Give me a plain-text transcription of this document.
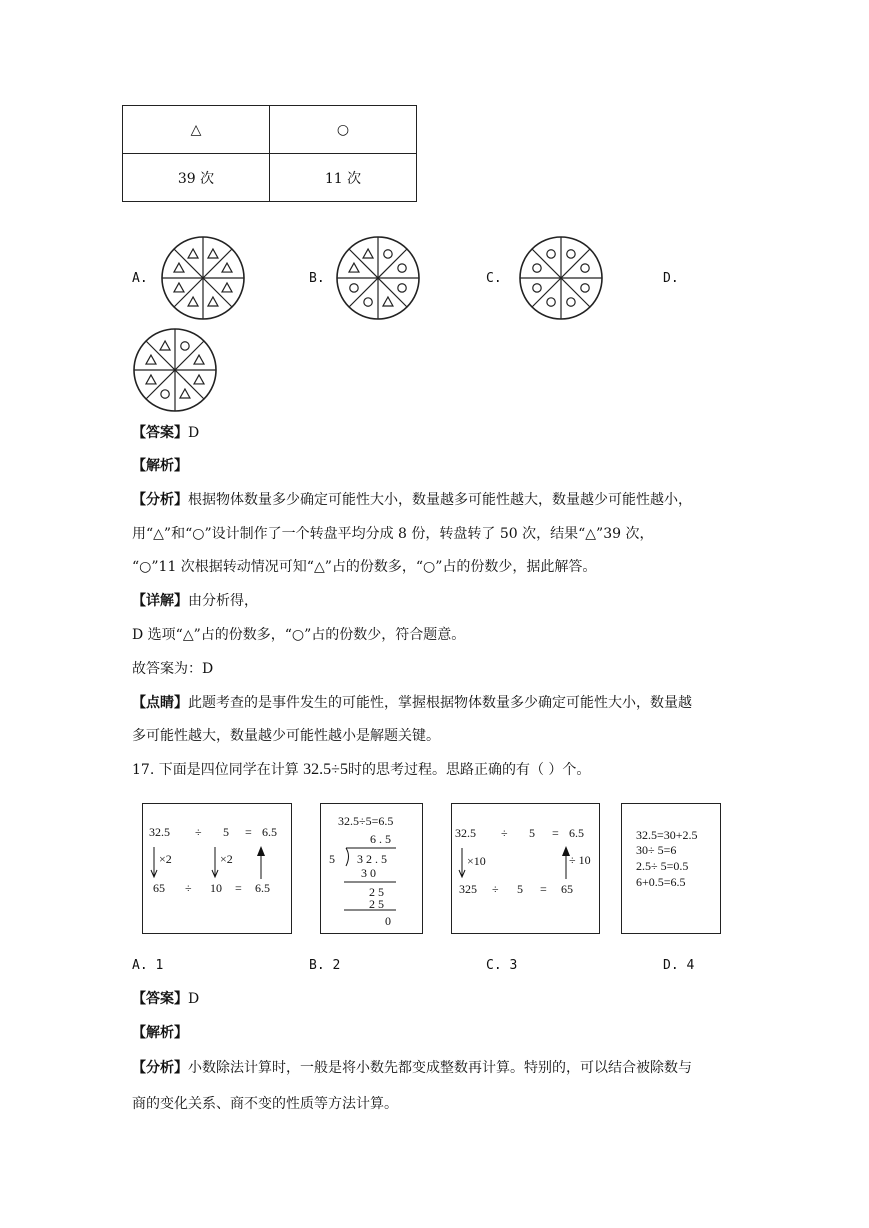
△	○
39 次	11 次
A.	B.	C.	D.
【答案】D
【解析】
【分析】根据物体数量多少确定可能性大小，数量越多可能性越大，数量越少可能性越小，
用“△”和“○”设计制作了一个转盘平均分成 8 份，转盘转了 50 次，结果“△”39 次，
“○”11 次根据转动情况可知“△”占的份数多，“○”占的份数少，据此解答。
【详解】由分析得，
D 选项“△”占的份数多，“○”占的份数少，符合题意。
故答案为：D
【点睛】此题考查的是事件发生的可能性，掌握根据物体数量多少确定可能性大小，数量越
多可能性越大，数量越少可能性越小是解题关键。
17. 下面是四位同学在计算 32.5÷5时的思考过程。思路正确的有（ ）个。
32.5 ÷ 5 = 6.5
×2	×2
65 ÷ 10 = 6.5
32.5÷5=6.5
6 . 5
5 3 2 . 5
3 0
2 5
2 5
0
32.5 ÷ 5 = 6.5
×10	÷ 10
325 ÷ 5 = 65
32.5=30+2.5
30÷ 5=6
2.5÷ 5=0.5
6+0.5=6.5
A. 1	B. 2	C. 3	D. 4
【答案】D
【解析】
【分析】小数除法计算时，一般是将小数先都变成整数再计算。特别的，可以结合被除数与
商的变化关系、商不变的性质等方法计算。
